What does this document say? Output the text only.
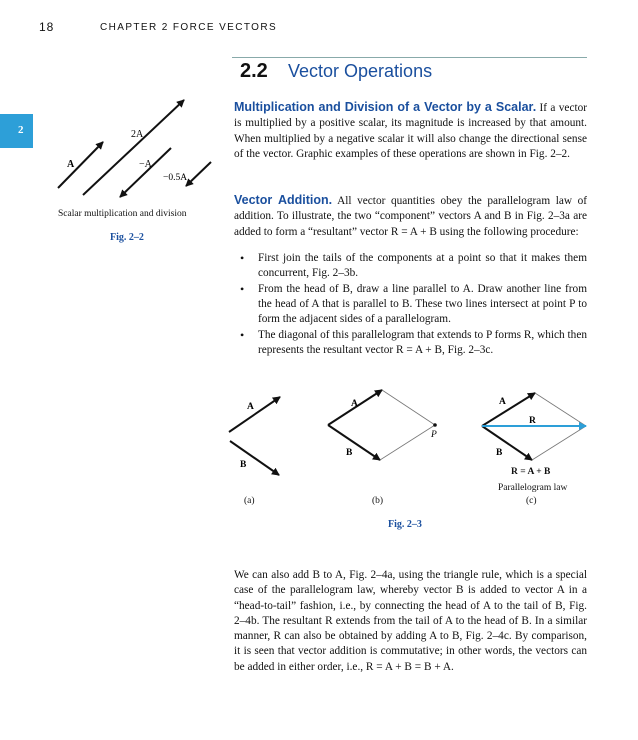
18	CHAPTER 2 FORCE VECTORS
2
2.2 Vector Operations
Multiplication and Division of a Vector by a Scalar. If a vector is multiplied by a positive scalar, its magnitude is increased by that amount. When multiplied by a negative scalar it will also change the directional sense of the vector. Graphic examples of these operations are shown in Fig. 2–2.
A
2A
−A
−0.5A
Scalar multiplication and division
Fig. 2–2
Vector Addition. All vector quantities obey the parallelogram law of addition. To illustrate, the two “component” vectors A and B in Fig. 2–3a are added to form a “resultant” vector R = A + B using the following procedure:
• First join the tails of the components at a point so that it makes them concurrent, Fig. 2–3b.
• From the head of B, draw a line parallel to A. Draw another line from the head of A that is parallel to B. These two lines intersect at point P to form the adjacent sides of a parallelogram.
• The diagonal of this parallelogram that extends to P forms R, which then represents the resultant vector R = A + B, Fig. 2–3c.
A
B
A
B
P
A
R
B
R = A + B
Parallelogram law
(a)	(b)	(c)
Fig. 2–3
We can also add B to A, Fig. 2–4a, using the triangle rule, which is a special case of the parallelogram law, whereby vector B is added to vector A in a “head-to-tail” fashion, i.e., by connecting the head of A to the tail of B, Fig. 2–4b. The resultant R extends from the tail of A to the head of B. In a similar manner, R can also be obtained by adding A to B, Fig. 2–4c. By comparison, it is seen that vector addition is commutative; in other words, the vectors can be added in either order, i.e., R = A + B = B + A.
